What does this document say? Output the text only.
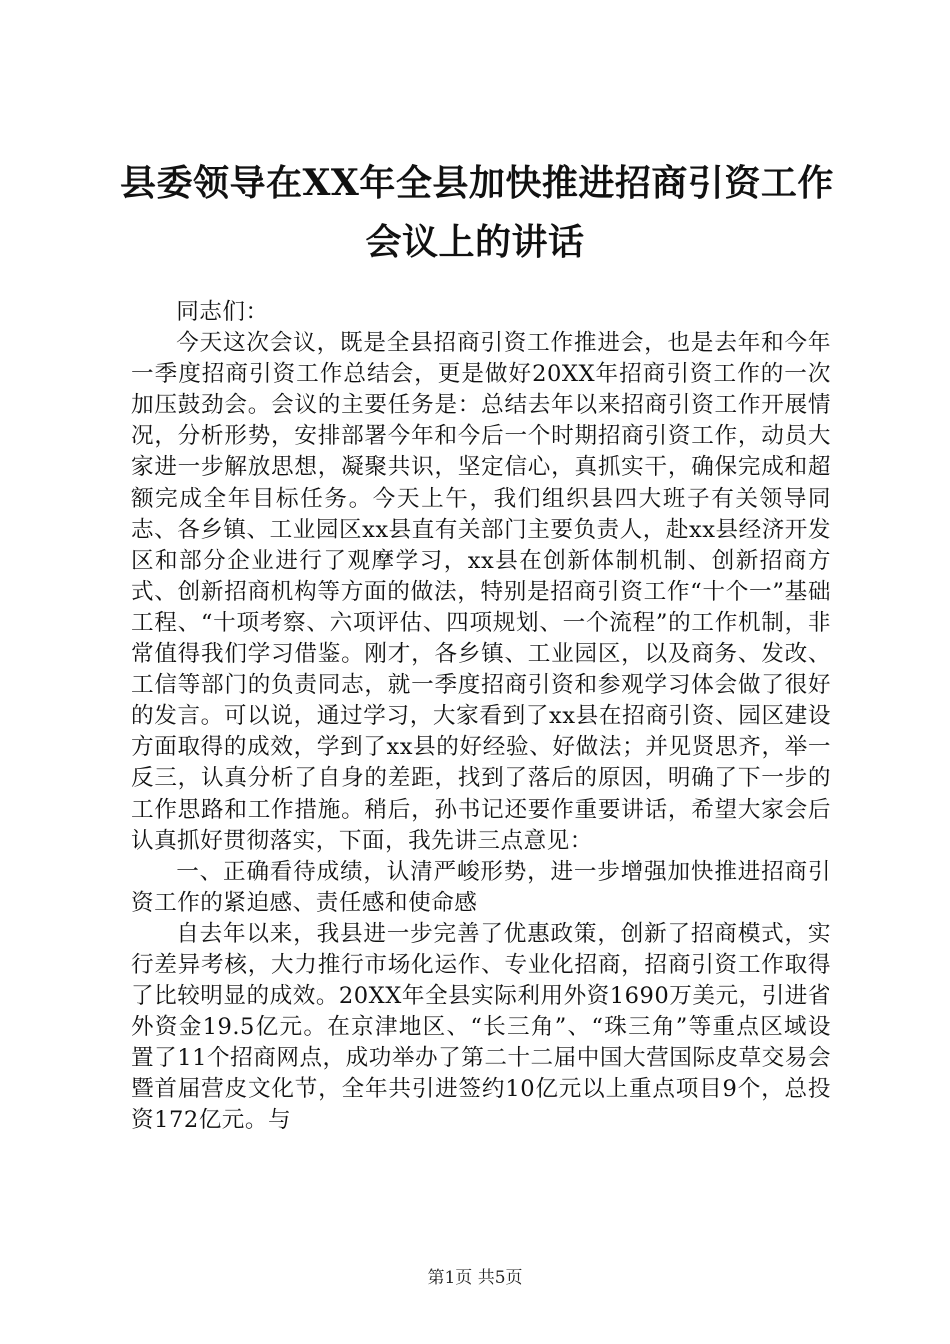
县委领导在XX年全县加快推进招商引资工作
会议上的讲话

同志们：

今天这次会议，既是全县招商引资工作推进会，也是去年和今年一季度招商引资工作总结会，更是做好20XX年招商引资工作的一次加压鼓劲会。会议的主要任务是：总结去年以来招商引资工作开展情况，分析形势，安排部署今年和今后一个时期招商引资工作，动员大家进一步解放思想，凝聚共识，坚定信心，真抓实干，确保完成和超额完成全年目标任务。今天上午，我们组织县四大班子有关领导同志、各乡镇、工业园区xx县直有关部门主要负责人，赴xx县经济开发区和部分企业进行了观摩学习，xx县在创新体制机制、创新招商方式、创新招商机构等方面的做法，特别是招商引资工作“十个一”基础工程、“十项考察、六项评估、四项规划、一个流程”的工作机制，非常值得我们学习借鉴。刚才，各乡镇、工业园区，以及商务、发改、工信等部门的负责同志，就一季度招商引资和参观学习体会做了很好的发言。可以说，通过学习，大家看到了xx县在招商引资、园区建设方面取得的成效，学到了xx县的好经验、好做法；并见贤思齐，举一反三，认真分析了自身的差距，找到了落后的原因，明确了下一步的工作思路和工作措施。稍后，孙书记还要作重要讲话，希望大家会后认真抓好贯彻落实，下面，我先讲三点意见：

一、正确看待成绩，认清严峻形势，进一步增强加快推进招商引资工作的紧迫感、责任感和使命感

自去年以来，我县进一步完善了优惠政策，创新了招商模式，实行差异考核，大力推行市场化运作、专业化招商，招商引资工作取得了比较明显的成效。20XX年全县实际利用外资1690万美元，引进省外资金19.5亿元。在京津地区、“长三角”、“珠三角”等重点区域设置了11个招商网点，成功举办了第二十二届中国大营国际皮草交易会暨首届营皮文化节，全年共引进签约10亿元以上重点项目9个，总投资172亿元。与

第1页 共5页
